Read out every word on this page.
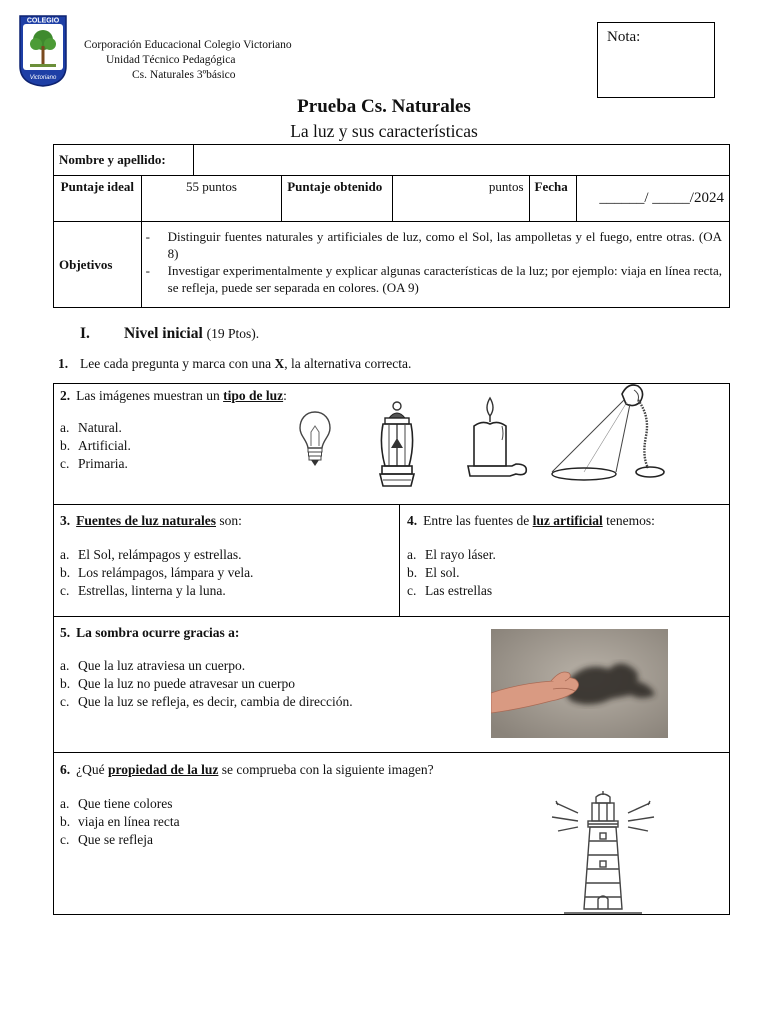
COLEGIO
Victoriano
Corporación Educacional Colegio Victoriano
Unidad Técnico Pedagógica
Cs. Naturales 3ºbásico
Nota:
Prueba Cs. Naturales
La luz y sus características
Nombre y apellido:						
Puntaje ideal	55 puntos		Puntaje obtenido	puntos	Fecha	______/ _____/2024
Objetivos	- Distinguir fuentes naturales y artificiales de luz, como el Sol, las ampolletas y el fuego, entre otras. (OA 8)
- Investigar experimentalmente y explicar algunas características de la luz; por ejemplo: viaja en línea recta, se refleja, puede ser separada en colores. (OA 9)					
I. Nivel inicial (19 Ptos).
1. Lee cada pregunta y marca con una X, la alternativa correcta.
2. Las imágenes muestran un tipo de luz:
a. Natural.
b. Artificial.
c. Primaria.
3. Fuentes de luz naturales son:
a. El Sol, relámpagos y estrellas.
b. Los relámpagos, lámpara y vela.
c. Estrellas, linterna y la luna.
4. Entre las fuentes de luz artificial tenemos:
a. El rayo láser.
b. El sol.
c. Las estrellas
5. La sombra ocurre gracias a:
a. Que la luz atraviesa un cuerpo.
b. Que la luz no puede atravesar un cuerpo
c. Que la luz se refleja, es decir, cambia de dirección.
6. ¿Qué propiedad de la luz se comprueba con la siguiente imagen?
a. Que tiene colores
b. viaja en línea recta
c. Que se refleja
